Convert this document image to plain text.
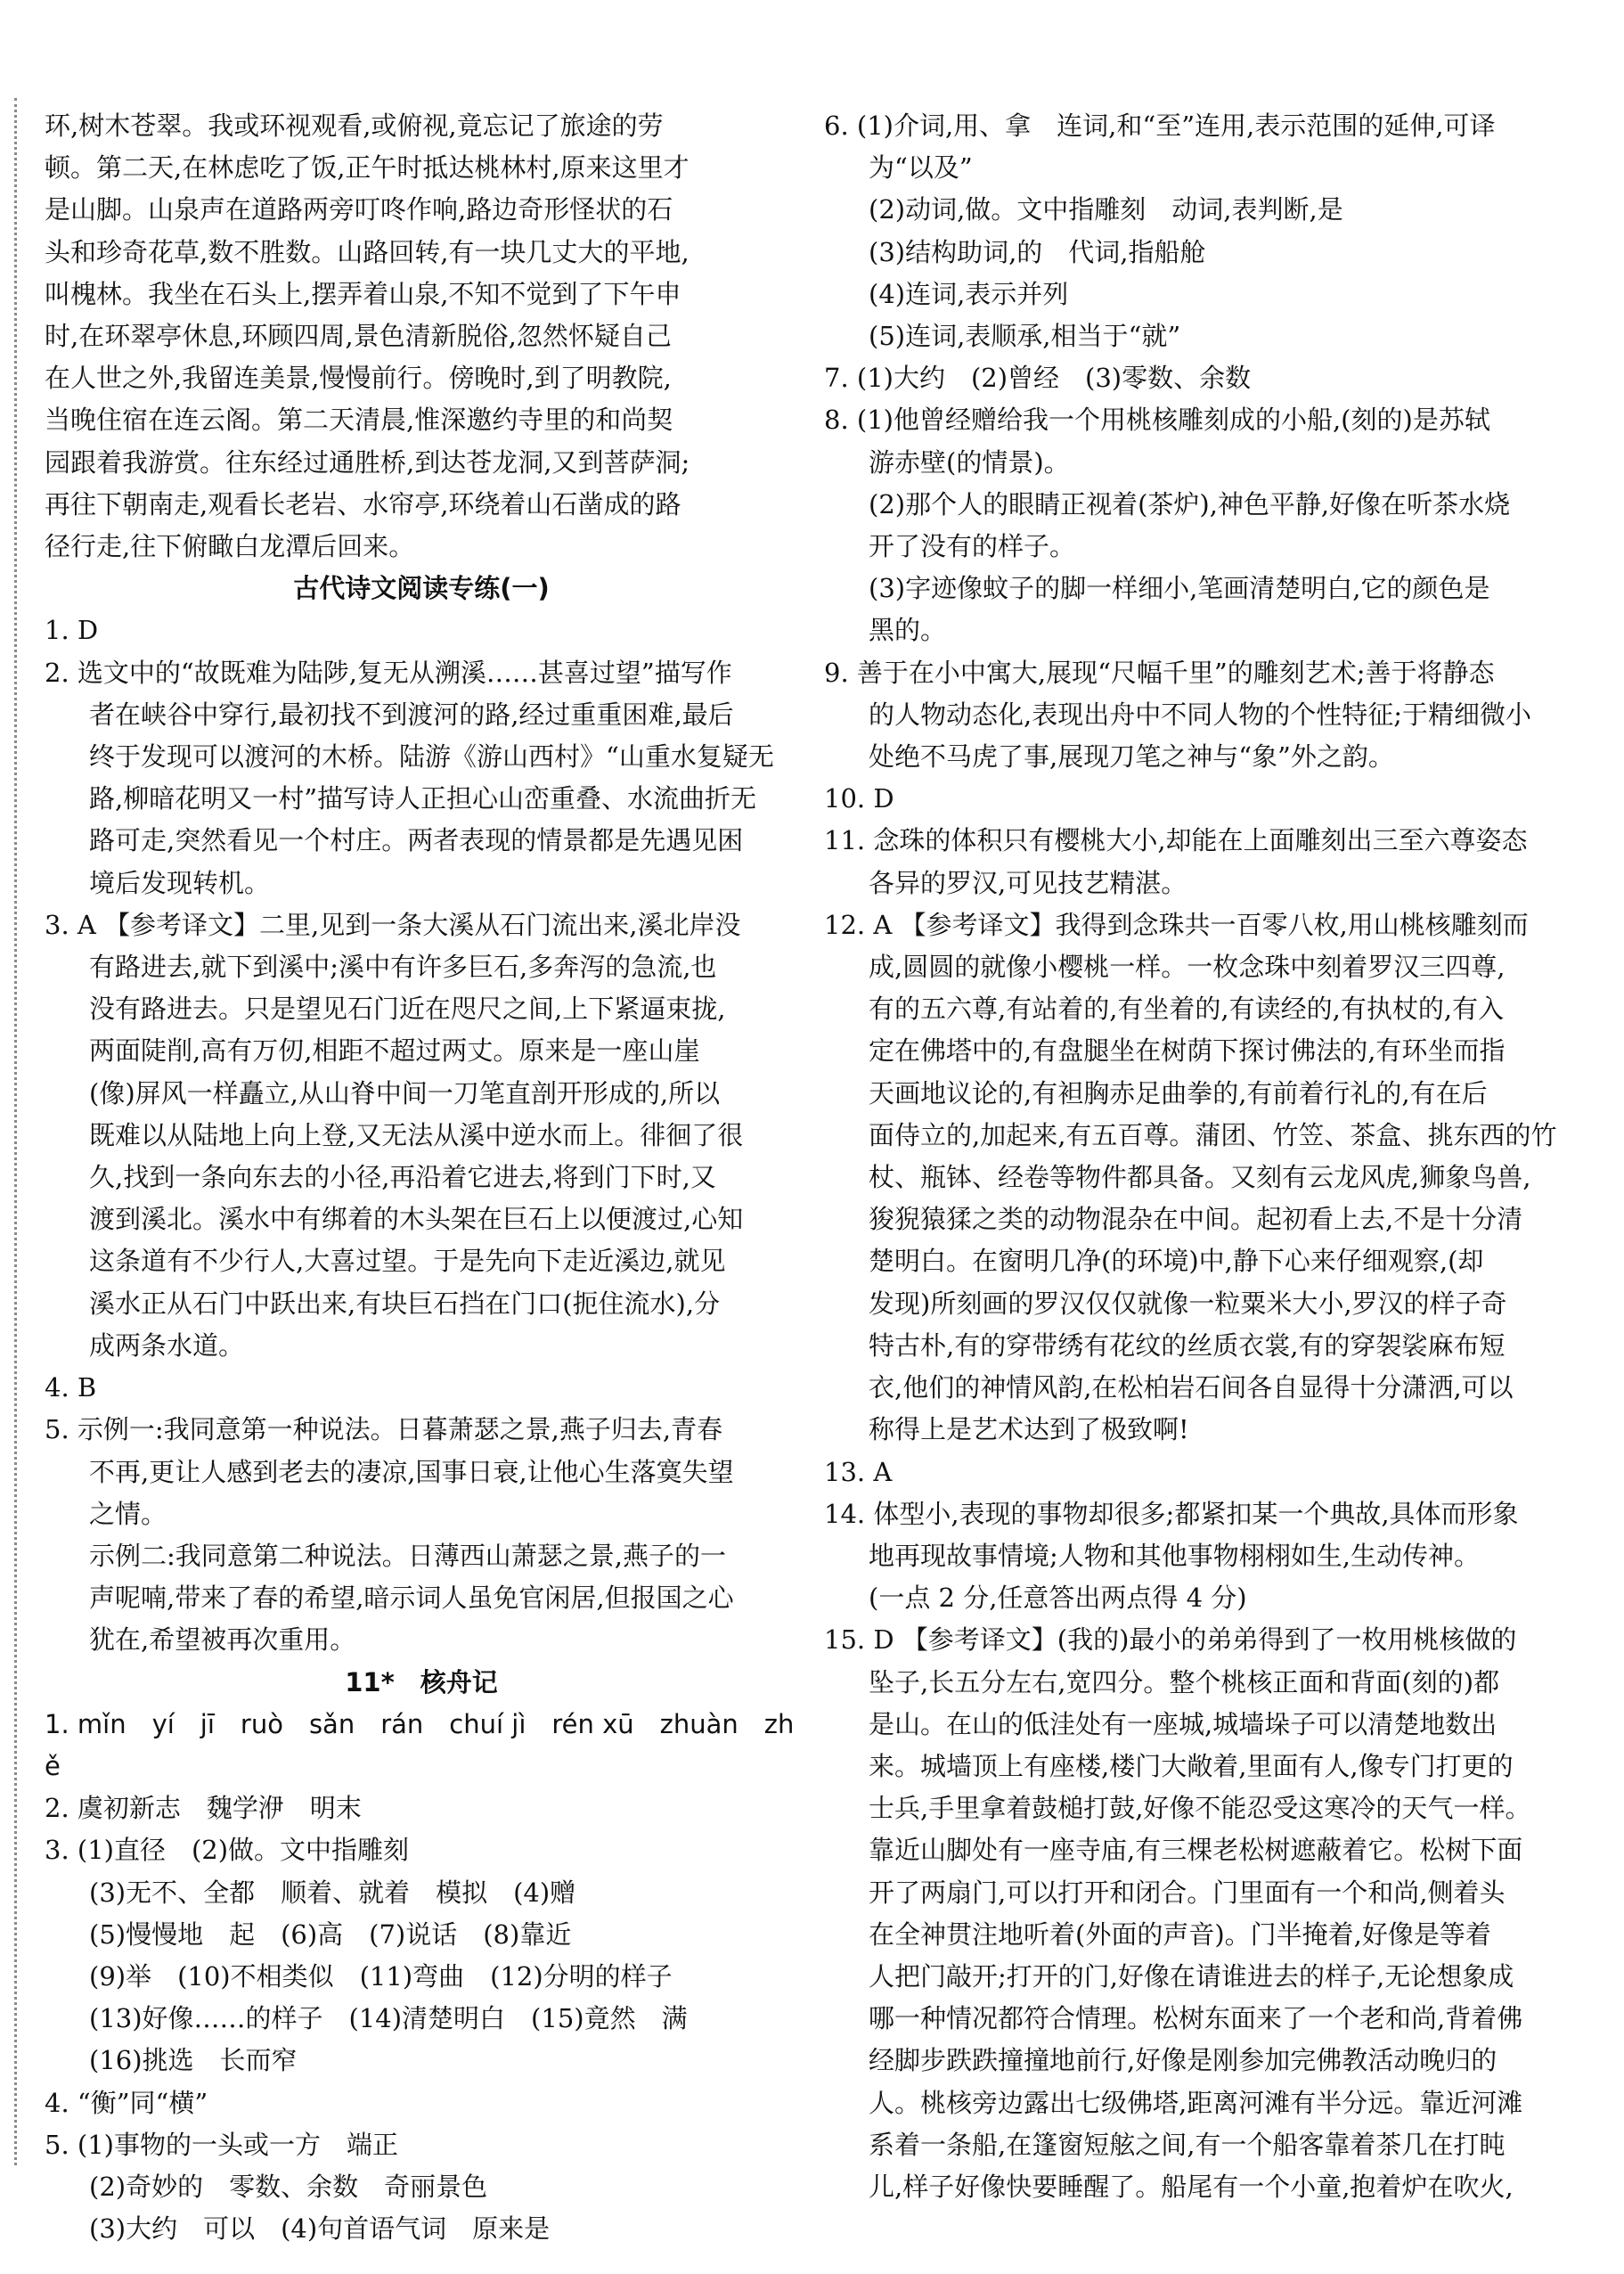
环,树木苍翠。我或环视观看,或俯视,竟忘记了旅途的劳

顿。第二天,在林虑吃了饭,正午时抵达桃林村,原来这里才

是山脚。山泉声在道路两旁叮咚作响,路边奇形怪状的石

头和珍奇花草,数不胜数。山路回转,有一块几丈大的平地,

叫槐林。我坐在石头上,摆弄着山泉,不知不觉到了下午申

时,在环翠亭休息,环顾四周,景色清新脱俗,忽然怀疑自己

在人世之外,我留连美景,慢慢前行。傍晚时,到了明教院,

当晚住宿在连云阁。第二天清晨,惟深邀约寺里的和尚契

园跟着我游赏。往东经过通胜桥,到达苍龙洞,又到菩萨洞;

再往下朝南走,观看长老岩、水帘亭,环绕着山石凿成的路

径行走,往下俯瞰白龙潭后回来。

古代诗文阅读专练(一)

1. D

2. 选文中的“故既难为陆陟,复无从溯溪……甚喜过望”描写作

者在峡谷中穿行,最初找不到渡河的路,经过重重困难,最后

终于发现可以渡河的木桥。陆游《游山西村》“山重水复疑无

路,柳暗花明又一村”描写诗人正担心山峦重叠、水流曲折无

路可走,突然看见一个村庄。两者表现的情景都是先遇见困

境后发现转机。

3. A 【参考译文】二里,见到一条大溪从石门流出来,溪北岸没

有路进去,就下到溪中;溪中有许多巨石,多奔泻的急流,也

没有路进去。只是望见石门近在咫尺之间,上下紧逼束拢,

两面陡削,高有万仞,相距不超过两丈。原来是一座山崖

(像)屏风一样矗立,从山脊中间一刀笔直剖开形成的,所以

既难以从陆地上向上登,又无法从溪中逆水而上。徘徊了很

久,找到一条向东去的小径,再沿着它进去,将到门下时,又

渡到溪北。溪水中有绑着的木头架在巨石上以便渡过,心知

这条道有不少行人,大喜过望。于是先向下走近溪边,就见

溪水正从石门中跃出来,有块巨石挡在门口(扼住流水),分

成两条水道。

4. B

5. 示例一:我同意第一种说法。日暮萧瑟之景,燕子归去,青春

不再,更让人感到老去的凄凉,国事日衰,让他心生落寞失望

之情。

示例二:我同意第二种说法。日薄西山萧瑟之景,燕子的一

声呢喃,带来了春的希望,暗示词人虽免官闲居,但报国之心

犹在,希望被再次重用。

11*　核舟记

1. mǐn　yí　jī　ruò　sǎn　rán　chuí jì　rén xū　zhuàn　zhě

2. 虞初新志　魏学洢　明末

3. (1)直径　(2)做。文中指雕刻

(3)无不、全都　顺着、就着　模拟　(4)赠

(5)慢慢地　起　(6)高　(7)说话　(8)靠近

(9)举　(10)不相类似　(11)弯曲　(12)分明的样子

(13)好像……的样子　(14)清楚明白　(15)竟然　满

(16)挑选　长而窄

4. “衡”同“横”

5. (1)事物的一头或一方　端正

(2)奇妙的　零数、余数　奇丽景色

(3)大约　可以　(4)句首语气词　原来是

6. (1)介词,用、拿　连词,和“至”连用,表示范围的延伸,可译

为“以及”

(2)动词,做。文中指雕刻　动词,表判断,是

(3)结构助词,的　代词,指船舱

(4)连词,表示并列

(5)连词,表顺承,相当于“就”

7. (1)大约　(2)曾经　(3)零数、余数

8. (1)他曾经赠给我一个用桃核雕刻成的小船,(刻的)是苏轼

游赤壁(的情景)。

(2)那个人的眼睛正视着(茶炉),神色平静,好像在听茶水烧

开了没有的样子。

(3)字迹像蚊子的脚一样细小,笔画清楚明白,它的颜色是

黑的。

9. 善于在小中寓大,展现“尺幅千里”的雕刻艺术;善于将静态

的人物动态化,表现出舟中不同人物的个性特征;于精细微小

处绝不马虎了事,展现刀笔之神与“象”外之韵。

10. D

11. 念珠的体积只有樱桃大小,却能在上面雕刻出三至六尊姿态

各异的罗汉,可见技艺精湛。

12. A 【参考译文】我得到念珠共一百零八枚,用山桃核雕刻而

成,圆圆的就像小樱桃一样。一枚念珠中刻着罗汉三四尊,

有的五六尊,有站着的,有坐着的,有读经的,有执杖的,有入

定在佛塔中的,有盘腿坐在树荫下探讨佛法的,有环坐而指

天画地议论的,有袒胸赤足曲拳的,有前着行礼的,有在后

面侍立的,加起来,有五百尊。蒲团、竹笠、茶盒、挑东西的竹

杖、瓶钵、经卷等物件都具备。又刻有云龙风虎,狮象鸟兽,

狻猊猿猱之类的动物混杂在中间。起初看上去,不是十分清

楚明白。在窗明几净(的环境)中,静下心来仔细观察,(却

发现)所刻画的罗汉仅仅就像一粒粟米大小,罗汉的样子奇

特古朴,有的穿带绣有花纹的丝质衣裳,有的穿袈裟麻布短

衣,他们的神情风韵,在松柏岩石间各自显得十分潇洒,可以

称得上是艺术达到了极致啊!

13. A

14. 体型小,表现的事物却很多;都紧扣某一个典故,具体而形象

地再现故事情境;人物和其他事物栩栩如生,生动传神。

(一点 2 分,任意答出两点得 4 分)

15. D 【参考译文】(我的)最小的弟弟得到了一枚用桃核做的

坠子,长五分左右,宽四分。整个桃核正面和背面(刻的)都

是山。在山的低洼处有一座城,城墙垛子可以清楚地数出

来。城墙顶上有座楼,楼门大敞着,里面有人,像专门打更的

士兵,手里拿着鼓槌打鼓,好像不能忍受这寒冷的天气一样。

靠近山脚处有一座寺庙,有三棵老松树遮蔽着它。松树下面

开了两扇门,可以打开和闭合。门里面有一个和尚,侧着头

在全神贯注地听着(外面的声音)。门半掩着,好像是等着

人把门敲开;打开的门,好像在请谁进去的样子,无论想象成

哪一种情况都符合情理。松树东面来了一个老和尚,背着佛

经脚步跌跌撞撞地前行,好像是刚参加完佛教活动晚归的

人。桃核旁边露出七级佛塔,距离河滩有半分远。靠近河滩

系着一条船,在篷窗短舷之间,有一个船客靠着茶几在打盹

儿,样子好像快要睡醒了。船尾有一个小童,抱着炉在吹火,
